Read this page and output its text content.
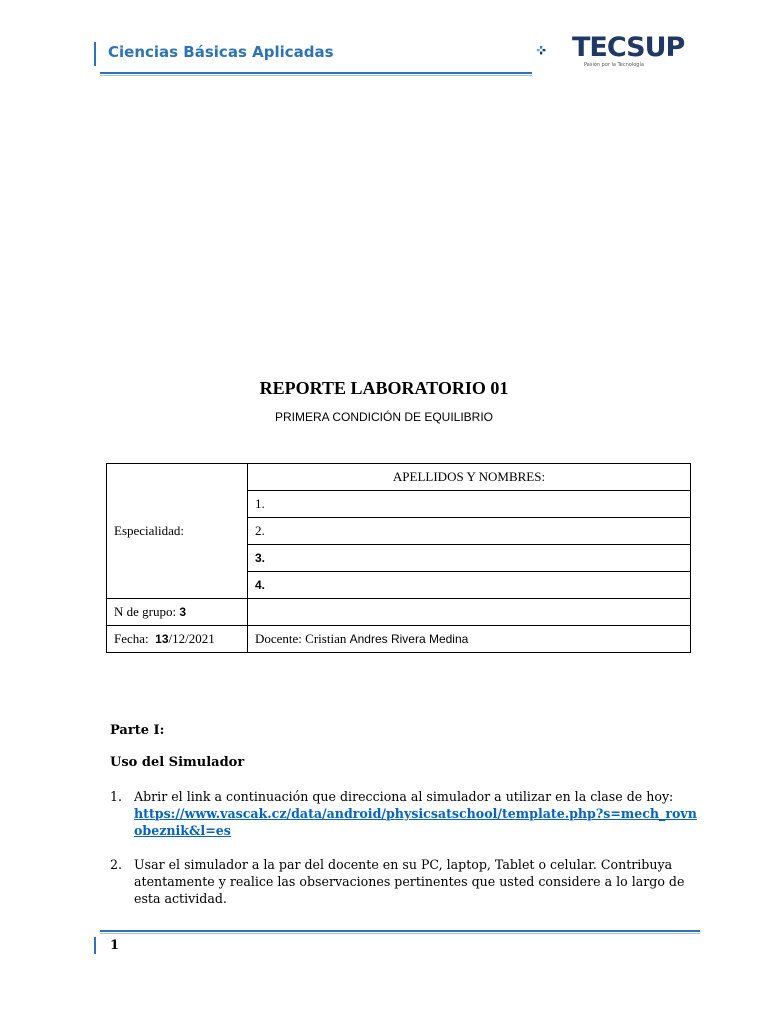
Ciencias Básicas Aplicadas	TECSUP
Pasión por la Tecnología
REPORTE LABORATORIO 01
PRIMERA CONDICIÓN DE EQUILIBRIO
Especialidad:	APELLIDOS Y NOMBRES:
	1.
	2.
	3.
	4.
N de grupo: 3	
Fecha: 13/12/2021	Docente: Cristian Andres Rivera Medina
Parte I:
Uso del Simulador
1. Abrir el link a continuación que direcciona al simulador a utilizar en la clase de hoy:
https://www.vascak.cz/data/android/physicsatschool/template.php?s=mech_rovnobeznik&l=es
2. Usar el simulador a la par del docente en su PC, laptop, Tablet o celular. Contribuya atentamente y realice las observaciones pertinentes que usted considere a lo largo de esta actividad.
1
